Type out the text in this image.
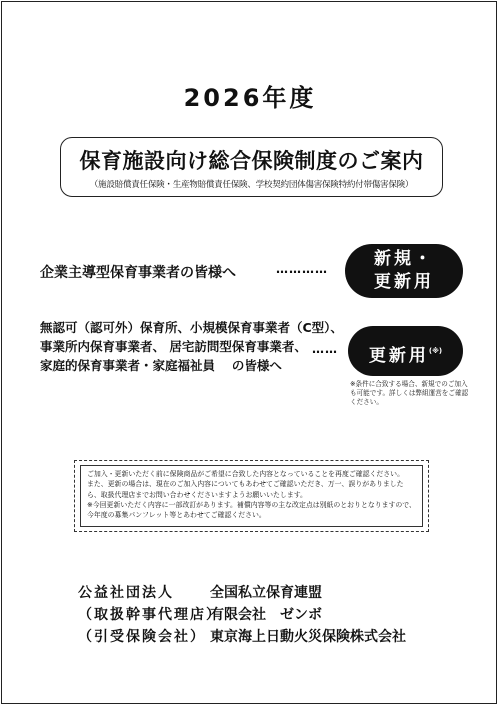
2026年度
保育施設向け総合保険制度のご案内
（施設賠償責任保険・生産物賠償責任保険、学校契約団体傷害保険特約付帯傷害保険）
企業主導型保育事業者の皆様へ	…………	新規・
更新用
無認可（認可外）保育所、小規模保育事業者（C型）、
事業所内保育事業者、 居宅訪問型保育事業者、
家庭的保育事業者・家庭福祉員　 の皆様へ
……	更新用(※)
※条件に合致する場合、新規でのご加入も可能です。詳しくは弊組運営をご確認ください。
ご加入・更新いただく前に保険商品がご希望に合致した内容となっていることを再度ご確認ください。
また、更新の場合は、現在のご加入内容についてもあわせてご確認いただき、万一、誤りがありましたら、取扱代理店までお問い合わせくださいますようお願いいたします。
※今回更新いただく内容に一部改訂があります。補償内容等の主な改定点は別紙のとおりとなりますので、今年度の募集パンフレット等とあわせてご確認ください。
公益社団法人	全国私立保育連盟
（取扱幹事代理店）有限会社　ゼンボ
（引受保険会社） 東京海上日動火災保険株式会社
